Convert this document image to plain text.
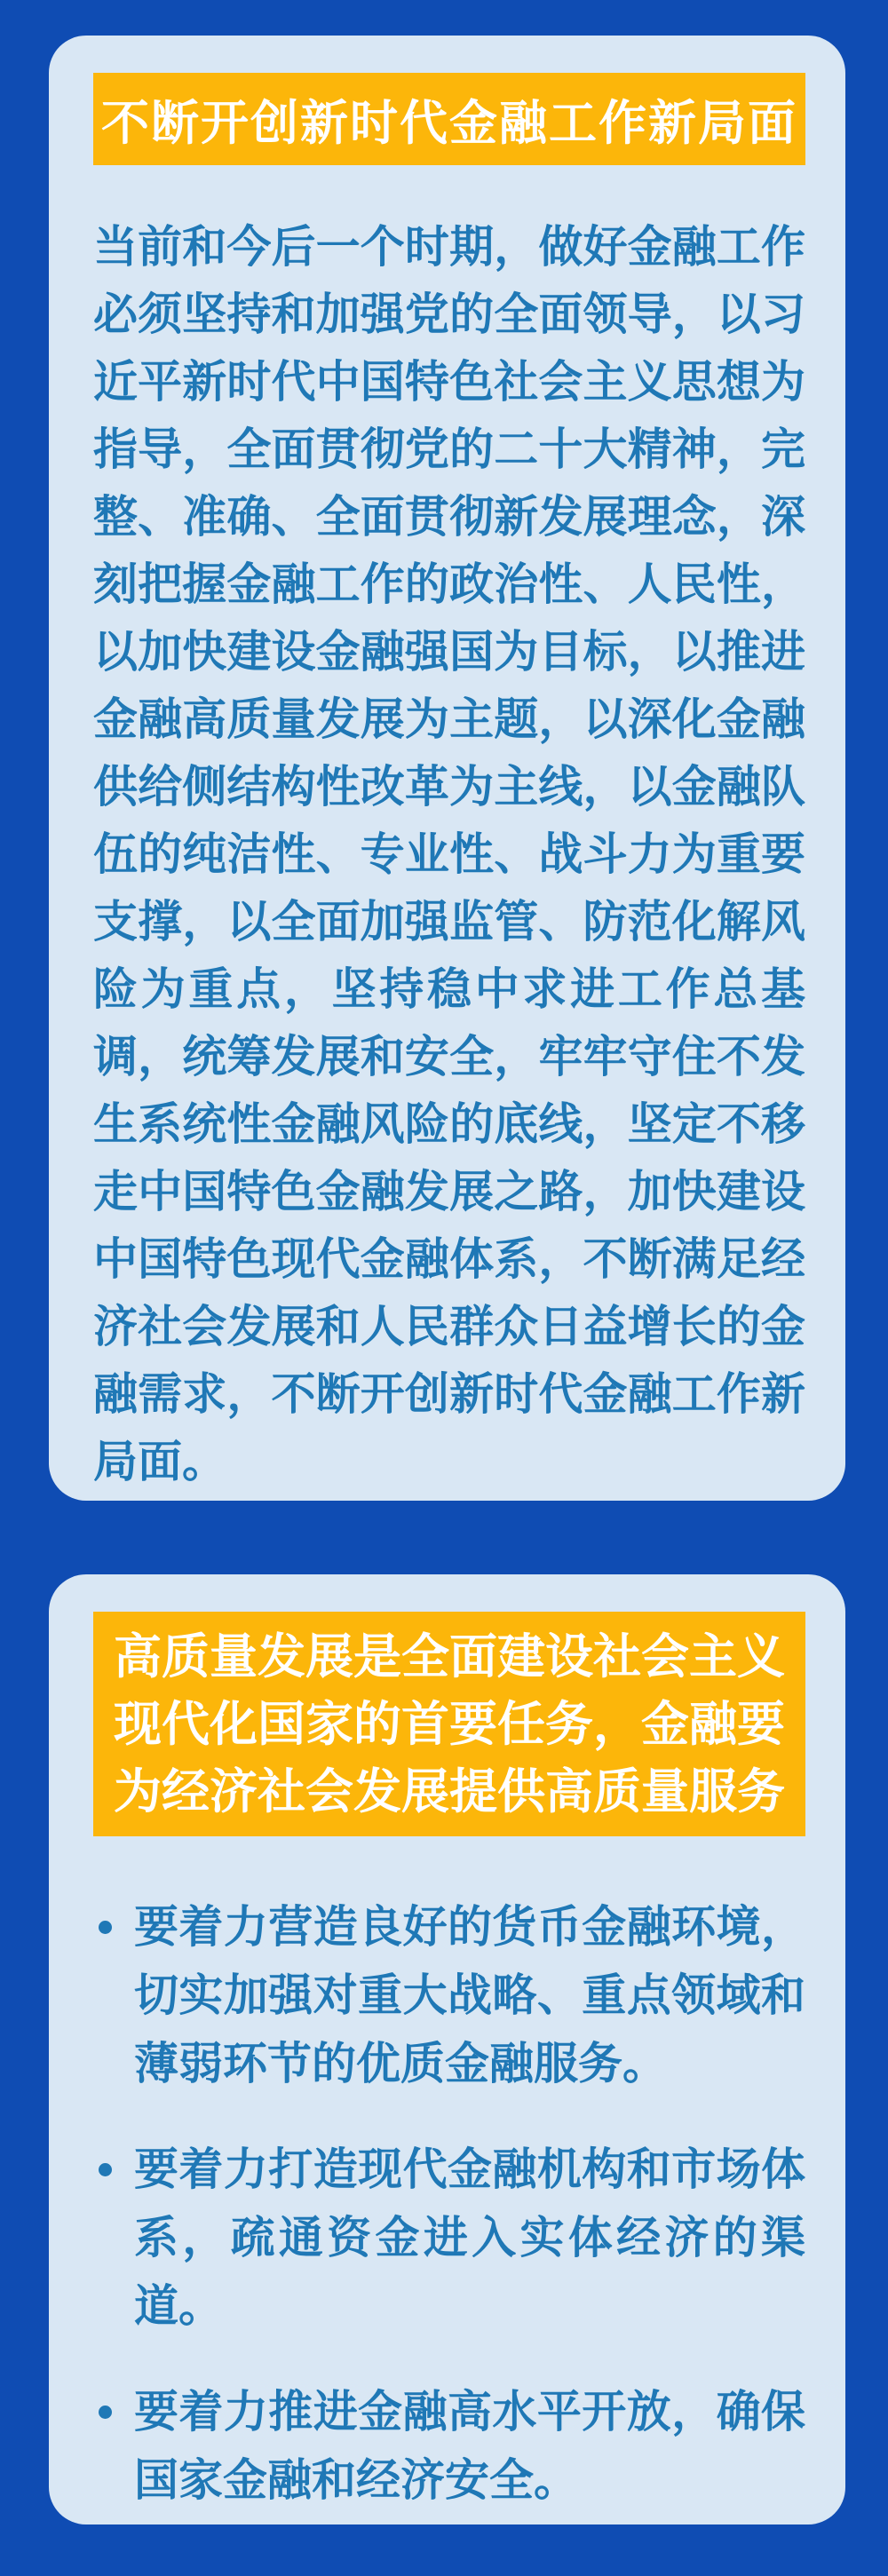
不断开创新时代金融工作新局面

当前和今后一个时期，做好金融工作必须坚持和加强党的全面领导，以习近平新时代中国特色社会主义思想为指导，全面贯彻党的二十大精神，完整、准确、全面贯彻新发展理念，深刻把握金融工作的政治性、人民性，以加快建设金融强国为目标，以推进金融高质量发展为主题，以深化金融供给侧结构性改革为主线，以金融队伍的纯洁性、专业性、战斗力为重要支撑，以全面加强监管、防范化解风险为重点，坚持稳中求进工作总基调，统筹发展和安全，牢牢守住不发生系统性金融风险的底线，坚定不移走中国特色金融发展之路，加快建设中国特色现代金融体系，不断满足经济社会发展和人民群众日益增长的金融需求，不断开创新时代金融工作新局面。

高质量发展是全面建设社会主义现代化国家的首要任务，金融要为经济社会发展提供高质量服务
要着力营造良好的货币金融环境，切实加强对重大战略、重点领域和薄弱环节的优质金融服务。
要着力打造现代金融机构和市场体系，疏通资金进入实体经济的渠道。
要着力推进金融高水平开放，确保国家金融和经济安全。
